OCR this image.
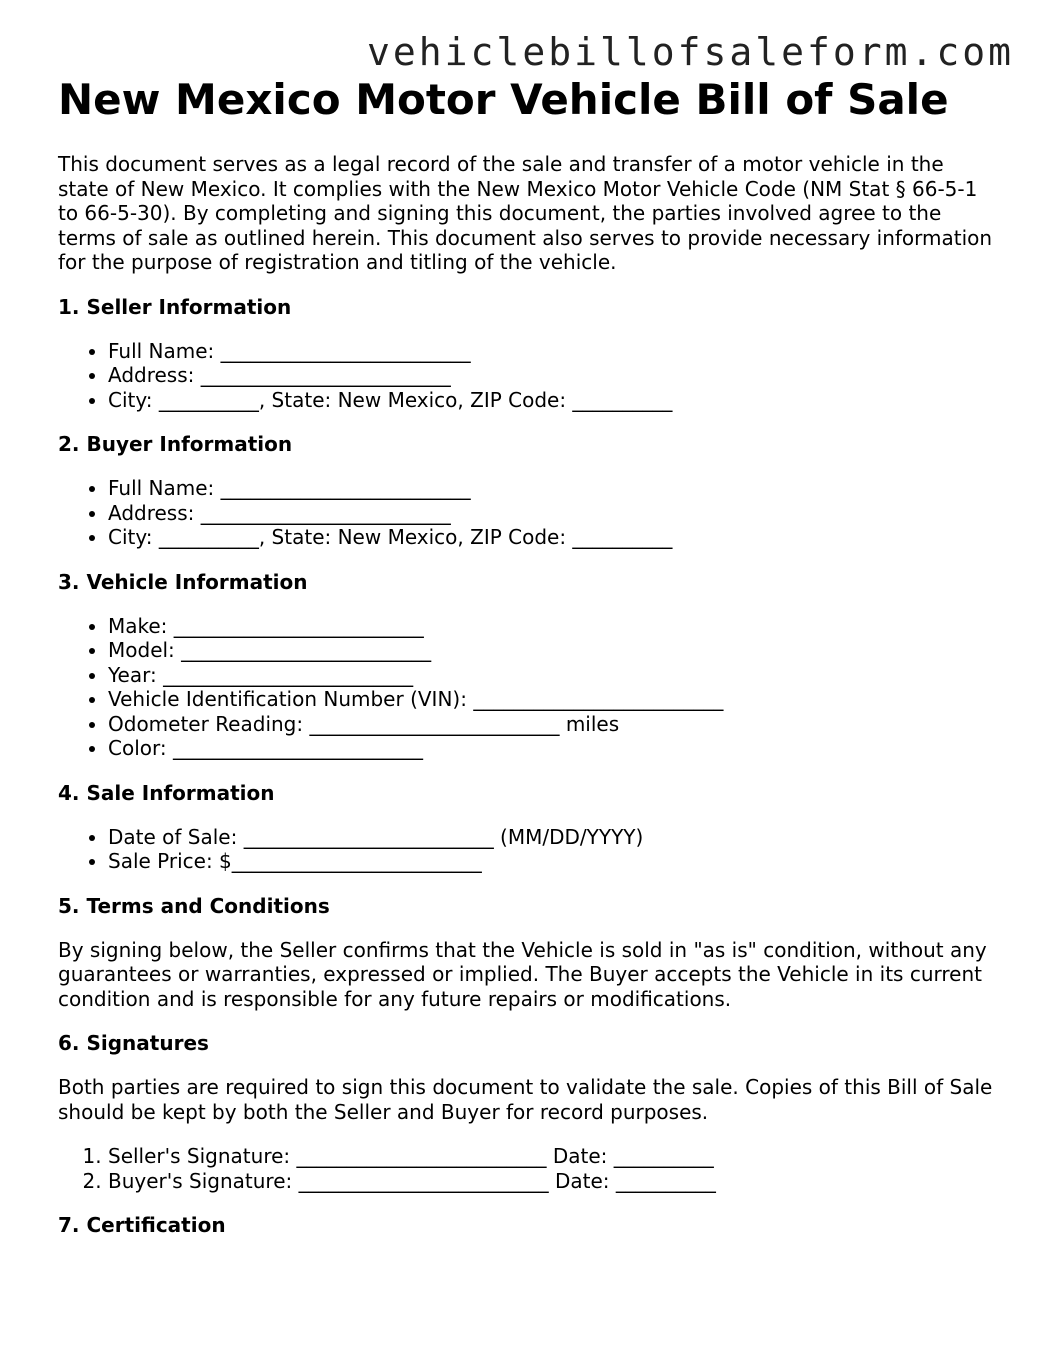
vehiclebillofsaleform.com
New Mexico Motor Vehicle Bill of Sale

This document serves as a legal record of the sale and transfer of a motor vehicle in the state of New Mexico. It complies with the New Mexico Motor Vehicle Code (NM Stat § 66-5-1 to 66-5-30). By completing and signing this document, the parties involved agree to the terms of sale as outlined herein. This document also serves to provide necessary information for the purpose of registration and titling of the vehicle.

1. Seller Information
• Full Name: _________________________
• Address: _________________________
• City: __________, State: New Mexico, ZIP Code: __________
2. Buyer Information
• Full Name: _________________________
• Address: _________________________
• City: __________, State: New Mexico, ZIP Code: __________
3. Vehicle Information
• Make: _________________________
• Model: _________________________
• Year: _________________________
• Vehicle Identification Number (VIN): _________________________
• Odometer Reading: _________________________ miles
• Color: _________________________
4. Sale Information
• Date of Sale: _________________________ (MM/DD/YYYY)
• Sale Price: $_________________________
5. Terms and Conditions

By signing below, the Seller confirms that the Vehicle is sold in "as is" condition, without any guarantees or warranties, expressed or implied. The Buyer accepts the Vehicle in its current condition and is responsible for any future repairs or modifications.

6. Signatures

Both parties are required to sign this document to validate the sale. Copies of this Bill of Sale should be kept by both the Seller and Buyer for record purposes.

1. Seller's Signature: _________________________ Date: __________
2. Buyer's Signature: _________________________ Date: __________
7. Certification
